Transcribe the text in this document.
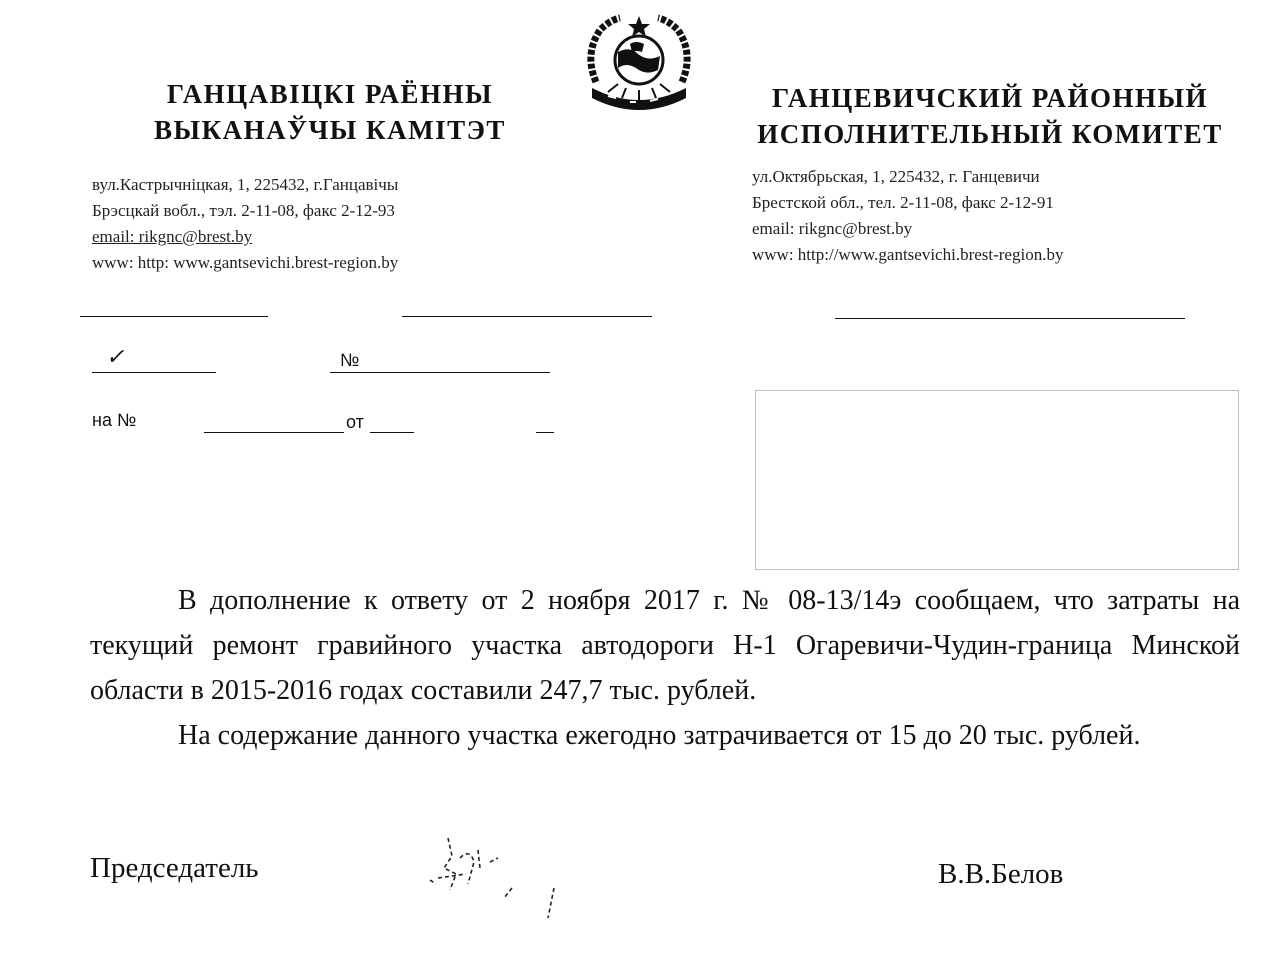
ГАНЦАВІЦКІ РАЁННЫ
ВЫКАНАЎЧЫ КАМІТЭТ
вул.Кастрычніцкая, 1, 225432, г.Ганцавічы
Брэсцкай вобл., тэл. 2-11-08, факс 2-12-93
email: rikgnc@brest.by
www: http: www.gantsevichi.brest-region.by
ГАНЦЕВИЧСКИЙ РАЙОННЫЙ
ИСПОЛНИТЕЛЬНЫЙ КОМИТЕТ
ул.Октябрьская, 1, 225432, г. Ганцевичи
Брестской обл., тел. 2-11-08, факс 2-12-91
email: rikgnc@brest.by
www: http://www.gantsevichi.brest-region.by
✓	№
на №	от

В дополнение к ответу от 2 ноября 2017 г. № 08-13/14э сообщаем, что затраты на текущий ремонт гравийного участка автодороги Н-1 Огаревичи-Чудин-граница Минской области в 2015-2016 годах составили 247,7 тыс. рублей.

На содержание данного участка ежегодно затрачивается от 15 до 20 тыс. рублей.

Председатель	В.В.Белов
